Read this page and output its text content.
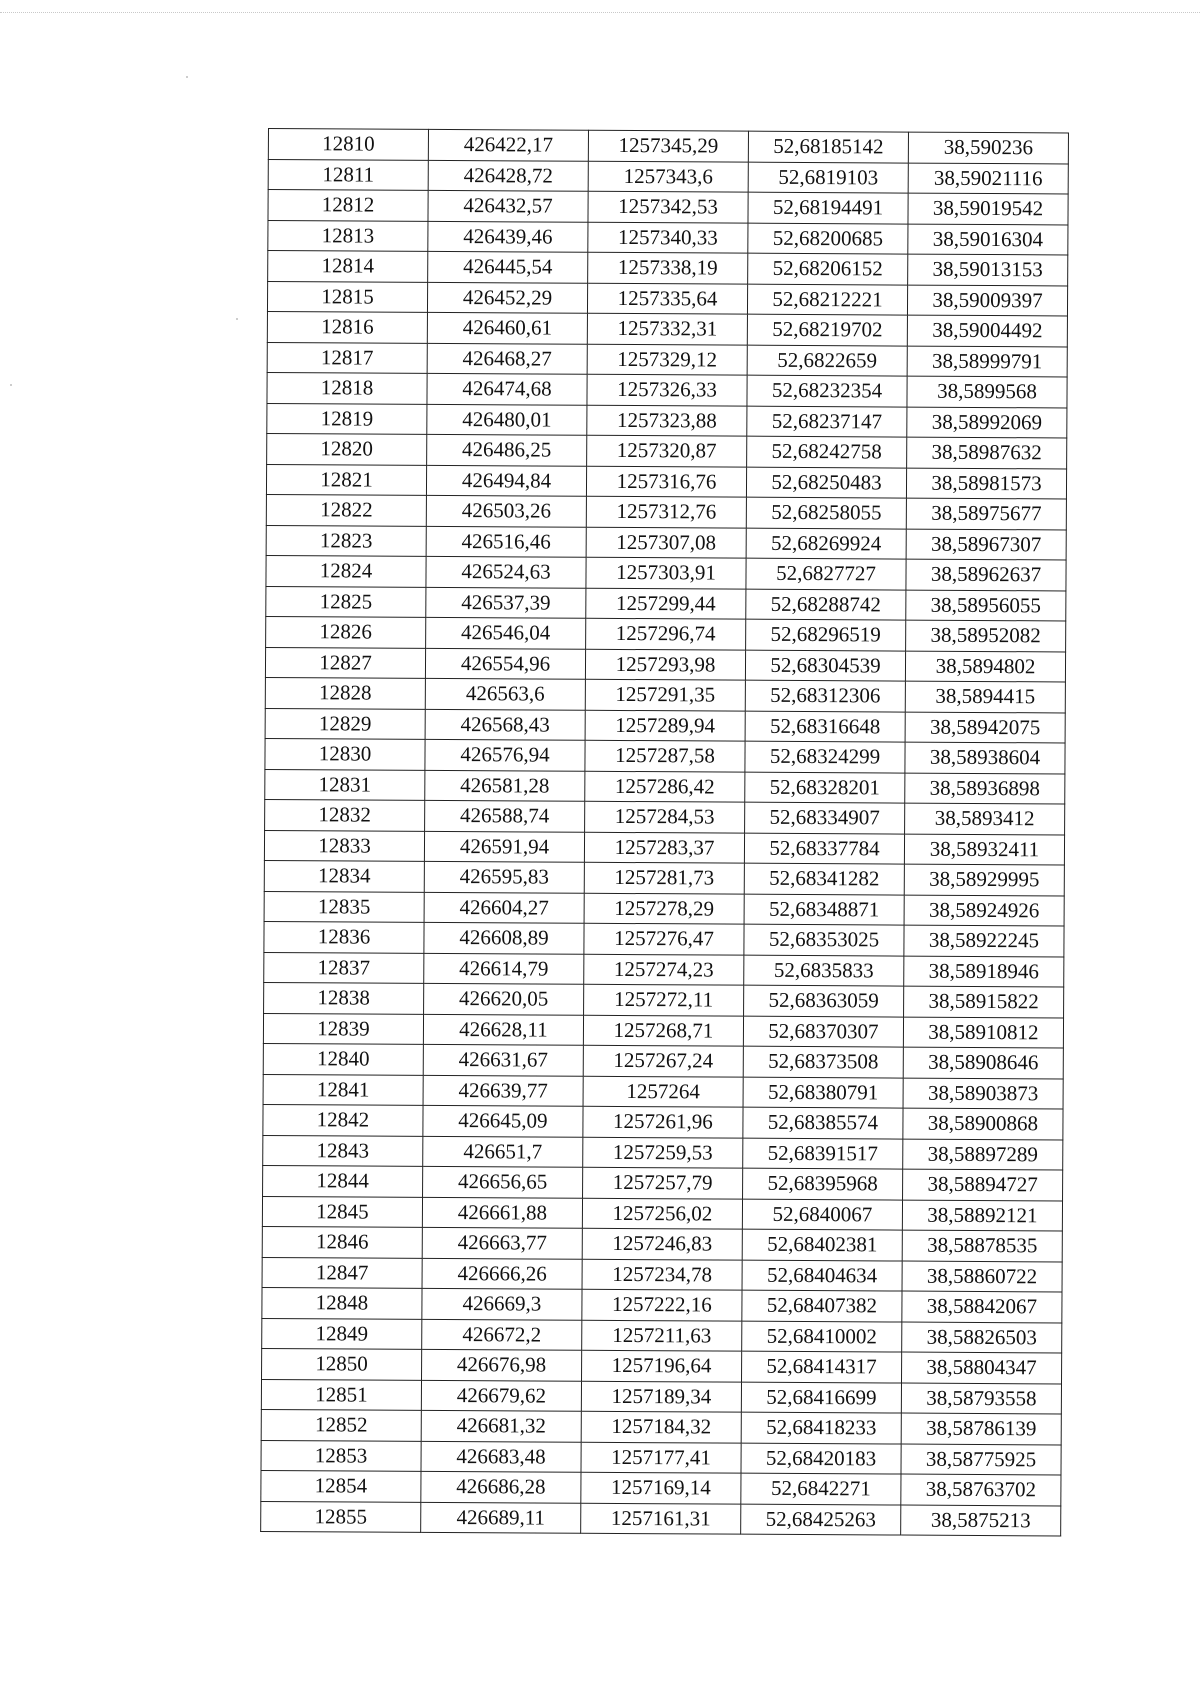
12810	426422,17	1257345,29	52,68185142	38,590236
12811	426428,72	1257343,6	52,6819103	38,59021116
12812	426432,57	1257342,53	52,68194491	38,59019542
12813	426439,46	1257340,33	52,68200685	38,59016304
12814	426445,54	1257338,19	52,68206152	38,59013153
12815	426452,29	1257335,64	52,68212221	38,59009397
12816	426460,61	1257332,31	52,68219702	38,59004492
12817	426468,27	1257329,12	52,6822659	38,58999791
12818	426474,68	1257326,33	52,68232354	38,5899568
12819	426480,01	1257323,88	52,68237147	38,58992069
12820	426486,25	1257320,87	52,68242758	38,58987632
12821	426494,84	1257316,76	52,68250483	38,58981573
12822	426503,26	1257312,76	52,68258055	38,58975677
12823	426516,46	1257307,08	52,68269924	38,58967307
12824	426524,63	1257303,91	52,6827727	38,58962637
12825	426537,39	1257299,44	52,68288742	38,58956055
12826	426546,04	1257296,74	52,68296519	38,58952082
12827	426554,96	1257293,98	52,68304539	38,5894802
12828	426563,6	1257291,35	52,68312306	38,5894415
12829	426568,43	1257289,94	52,68316648	38,58942075
12830	426576,94	1257287,58	52,68324299	38,58938604
12831	426581,28	1257286,42	52,68328201	38,58936898
12832	426588,74	1257284,53	52,68334907	38,5893412
12833	426591,94	1257283,37	52,68337784	38,58932411
12834	426595,83	1257281,73	52,68341282	38,58929995
12835	426604,27	1257278,29	52,68348871	38,58924926
12836	426608,89	1257276,47	52,68353025	38,58922245
12837	426614,79	1257274,23	52,6835833	38,58918946
12838	426620,05	1257272,11	52,68363059	38,58915822
12839	426628,11	1257268,71	52,68370307	38,58910812
12840	426631,67	1257267,24	52,68373508	38,58908646
12841	426639,77	1257264	52,68380791	38,58903873
12842	426645,09	1257261,96	52,68385574	38,58900868
12843	426651,7	1257259,53	52,68391517	38,58897289
12844	426656,65	1257257,79	52,68395968	38,58894727
12845	426661,88	1257256,02	52,6840067	38,58892121
12846	426663,77	1257246,83	52,68402381	38,58878535
12847	426666,26	1257234,78	52,68404634	38,58860722
12848	426669,3	1257222,16	52,68407382	38,58842067
12849	426672,2	1257211,63	52,68410002	38,58826503
12850	426676,98	1257196,64	52,68414317	38,58804347
12851	426679,62	1257189,34	52,68416699	38,58793558
12852	426681,32	1257184,32	52,68418233	38,58786139
12853	426683,48	1257177,41	52,68420183	38,58775925
12854	426686,28	1257169,14	52,6842271	38,58763702
12855	426689,11	1257161,31	52,68425263	38,5875213
